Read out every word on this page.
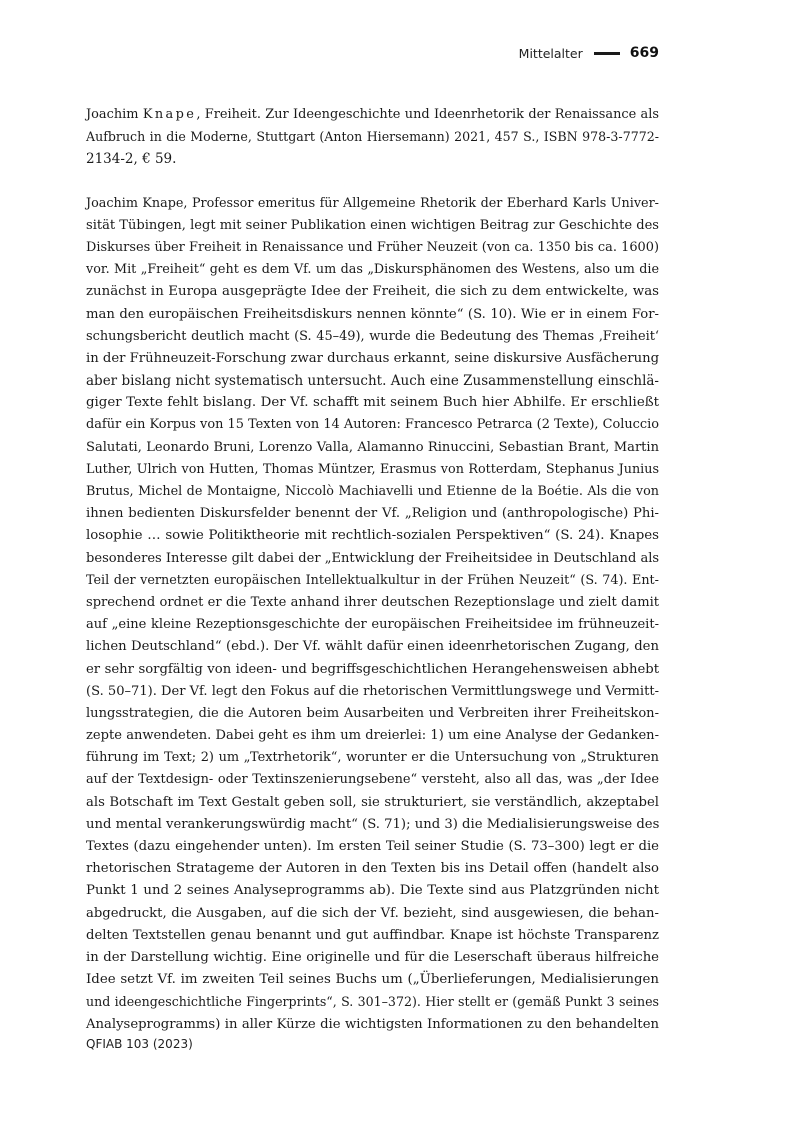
Mittelalter	669
Joachim Knape, Freiheit. Zur Ideengeschichte und Ideenrhetorik der Renaissance als
Aufbruch in die Moderne, Stuttgart (Anton Hiersemann) 2021, 457 S., ISBN 978-3-7772-
2134-2, € 59.
Joachim Knape, Professor emeritus für Allgemeine Rhetorik der Eberhard Karls Univer-
sität Tübingen, legt mit seiner Publikation einen wichtigen Beitrag zur Geschichte des
Diskurses über Freiheit in Renaissance und Früher Neuzeit (von ca. 1350 bis ca. 1600)
vor. Mit „Freiheit“ geht es dem Vf. um das „Diskursphänomen des Westens, also um die
zunächst in Europa ausgeprägte Idee der Freiheit, die sich zu dem entwickelte, was
man den europäischen Freiheitsdiskurs nennen könnte“ (S. 10). Wie er in einem For-
schungsbericht deutlich macht (S. 45–49), wurde die Bedeutung des Themas ‚Freiheit‘
in der Frühneuzeit-Forschung zwar durchaus erkannt, seine diskursive Ausfächerung
aber bislang nicht systematisch untersucht. Auch eine Zusammenstellung einschlä-
giger Texte fehlt bislang. Der Vf. schafft mit seinem Buch hier Abhilfe. Er erschließt
dafür ein Korpus von 15 Texten von 14 Autoren: Francesco Petrarca (2 Texte), Coluccio
Salutati, Leonardo Bruni, Lorenzo Valla, Alamanno Rinuccini, Sebastian Brant, Martin
Luther, Ulrich von Hutten, Thomas Müntzer, Erasmus von Rotterdam, Stephanus Junius
Brutus, Michel de Montaigne, Niccolò Machiavelli und Etienne de la Boétie. Als die von
ihnen bedienten Diskursfelder benennt der Vf. „Religion und (anthropologische) Phi-
losophie … sowie Politiktheorie mit rechtlich-sozialen Perspektiven“ (S. 24). Knapes
besonderes Interesse gilt dabei der „Entwicklung der Freiheitsidee in Deutschland als
Teil der vernetzten europäischen Intellektualkultur in der Frühen Neuzeit“ (S. 74). Ent-
sprechend ordnet er die Texte anhand ihrer deutschen Rezeptionslage und zielt damit
auf „eine kleine Rezeptionsgeschichte der europäischen Freiheitsidee im frühneuzeit-
lichen Deutschland“ (ebd.). Der Vf. wählt dafür einen ideenrhetorischen Zugang, den
er sehr sorgfältig von ideen- und begriffsgeschichtlichen Herangehensweisen abhebt
(S. 50–71). Der Vf. legt den Fokus auf die rhetorischen Vermittlungswege und Vermitt-
lungsstrategien, die die Autoren beim Ausarbeiten und Verbreiten ihrer Freiheitskon-
zepte anwendeten. Dabei geht es ihm um dreierlei: 1) um eine Analyse der Gedanken-
führung im Text; 2) um „Textrhetorik“, worunter er die Untersuchung von „Strukturen
auf der Textdesign- oder Textinszenierungsebene“ versteht, also all das, was „der Idee
als Botschaft im Text Gestalt geben soll, sie strukturiert, sie verständlich, akzeptabel
und mental verankerungswürdig macht“ (S. 71); und 3) die Medialisierungsweise des
Textes (dazu eingehender unten). Im ersten Teil seiner Studie (S. 73–300) legt er die
rhetorischen Stratageme der Autoren in den Texten bis ins Detail offen (handelt also
Punkt 1 und 2 seines Analyseprogramms ab). Die Texte sind aus Platzgründen nicht
abgedruckt, die Ausgaben, auf die sich der Vf. bezieht, sind ausgewiesen, die behan-
delten Textstellen genau benannt und gut auffindbar. Knape ist höchste Transparenz
in der Darstellung wichtig. Eine originelle und für die Leserschaft überaus hilfreiche
Idee setzt Vf. im zweiten Teil seines Buchs um („Überlieferungen, Medialisierungen
und ideengeschichtliche Fingerprints“, S. 301–372). Hier stellt er (gemäß Punkt 3 seines
Analyseprogramms) in aller Kürze die wichtigsten Informationen zu den behandelten
QFIAB 103 (2023)
